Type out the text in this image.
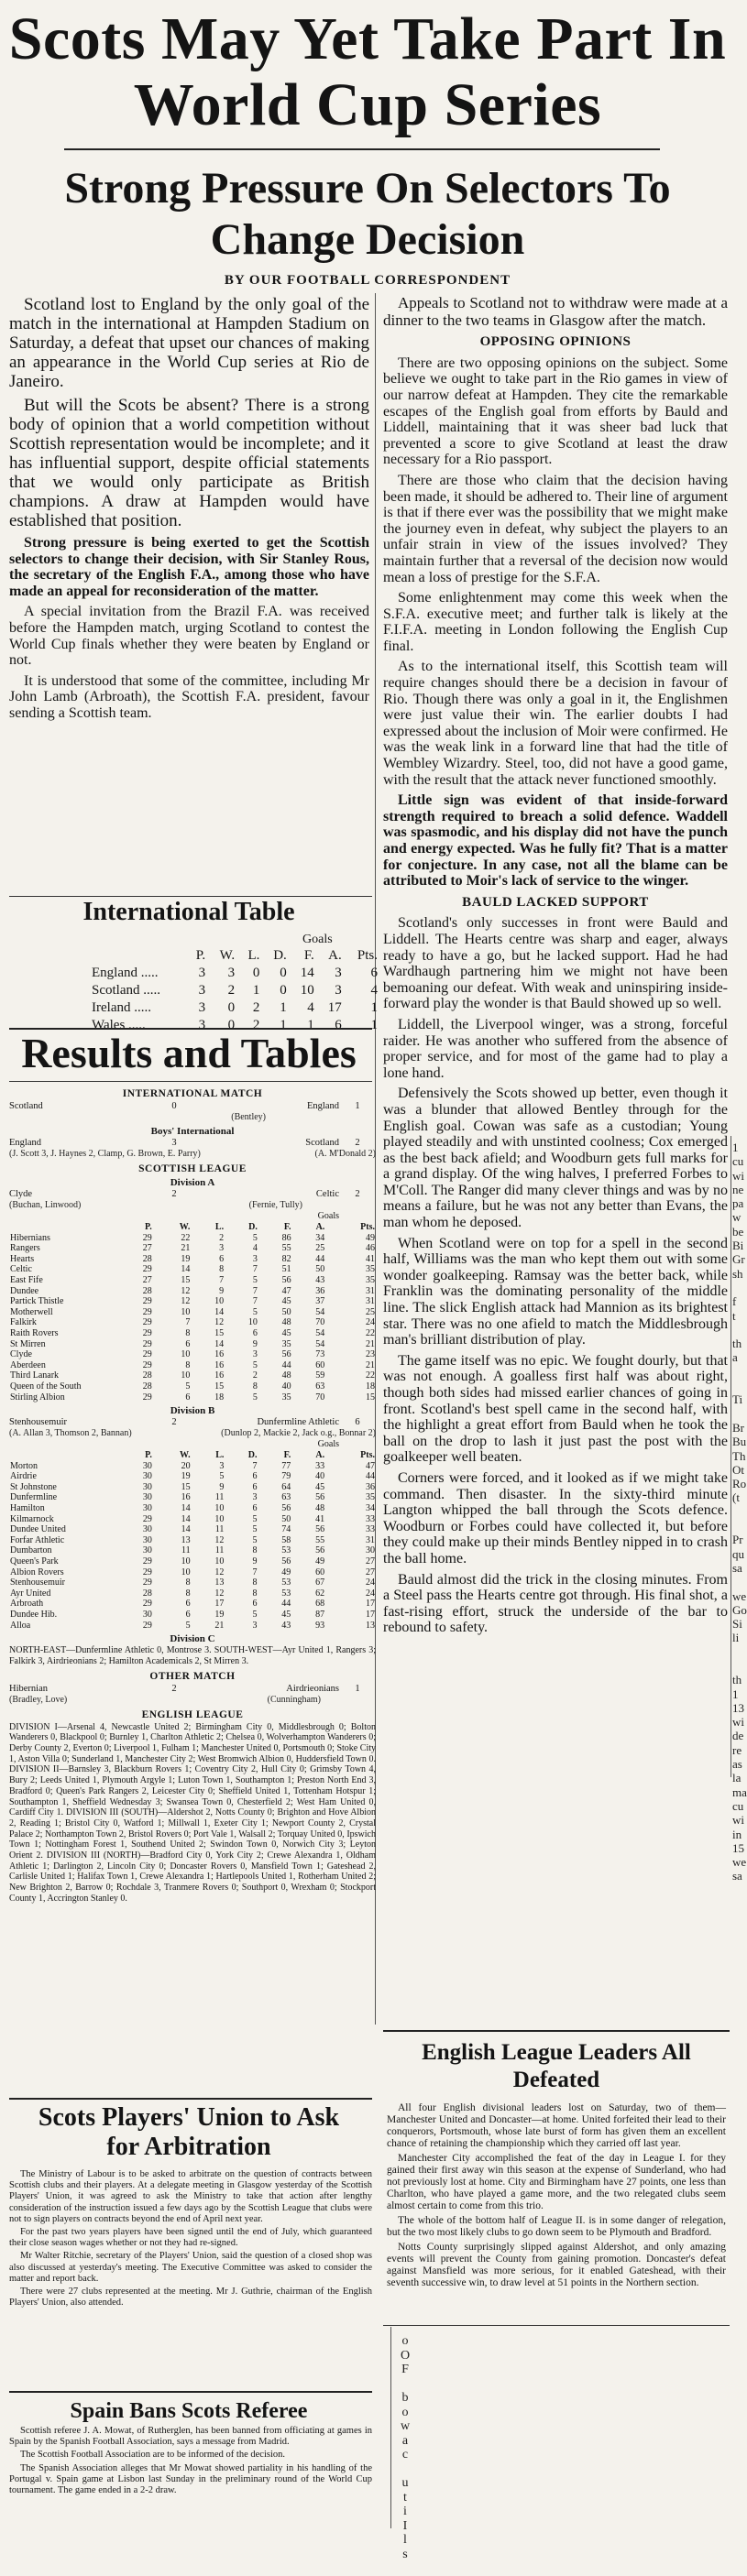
Scots May Yet Take Part In
World Cup Series
Strong Pressure On Selectors To
Change Decision
BY OUR FOOTBALL CORRESPONDENT

Scotland lost to England by the only goal of the match in the international at Hampden Stadium on Saturday, a defeat that upset our chances of making an appearance in the World Cup series at Rio de Janeiro.

But will the Scots be absent? There is a strong body of opinion that a world competition without Scottish representation would be incomplete; and it has influential support, despite official statements that we would only participate as British champions. A draw at Hampden would have established that position.

Strong pressure is being exerted to get the Scottish selectors to change their decision, with Sir Stanley Rous, the secretary of the English F.A., among those who have made an appeal for reconsideration of the matter.

A special invitation from the Brazil F.A. was received before the Hampden match, urging Scotland to contest the World Cup finals whether they were beaten by England or not.

It is understood that some of the committee, including Mr John Lamb (Arbroath), the Scottish F.A. president, favour sending a Scottish team.

Appeals to Scotland not to withdraw were made at a dinner to the two teams in Glasgow after the match.

OPPOSING OPINIONS

There are two opposing opinions on the subject. Some believe we ought to take part in the Rio games in view of our narrow defeat at Hampden. They cite the remarkable escapes of the English goal from efforts by Bauld and Liddell, maintaining that it was sheer bad luck that prevented a score to give Scotland at least the draw necessary for a Rio passport.

There are those who claim that the decision having been made, it should be adhered to. Their line of argument is that if there ever was the possibility that we might make the journey even in defeat, why subject the players to an unfair strain in view of the issues involved? They maintain further that a reversal of the decision now would mean a loss of prestige for the S.F.A.

Some enlightenment may come this week when the S.F.A. executive meet; and further talk is likely at the F.I.F.A. meeting in London following the English Cup final.

As to the international itself, this Scottish team will require changes should there be a decision in favour of Rio. Though there was only a goal in it, the Englishmen were just value their win. The earlier doubts I had expressed about the inclusion of Moir were confirmed. He was the weak link in a forward line that had the title of Wembley Wizardry. Steel, too, did not have a good game, with the result that the attack never functioned smoothly.

Little sign was evident of that inside-forward strength required to breach a solid defence. Waddell was spasmodic, and his display did not have the punch and energy expected. Was he fully fit? That is a matter for conjecture. In any case, not all the blame can be attributed to Moir's lack of service to the winger.

BAULD LACKED SUPPORT

Scotland's only successes in front were Bauld and Liddell. The Hearts centre was sharp and eager, always ready to have a go, but he lacked support. Had he had Wardhaugh partnering him we might not have been bemoaning our defeat. With weak and uninspiring inside-forward play the wonder is that Bauld showed up so well.

Liddell, the Liverpool winger, was a strong, forceful raider. He was another who suffered from the absence of proper service, and for most of the game had to play a lone hand.

Defensively the Scots showed up better, even though it was a blunder that allowed Bentley through for the English goal. Cowan was safe as a custodian; Young played steadily and with unstinted coolness; Cox emerged as the best back afield; and Woodburn gets full marks for a grand display. Of the wing halves, I preferred Forbes to M'Coll. The Ranger did many clever things and was by no means a failure, but he was not any better than Evans, the man whom he deposed.

When Scotland were on top for a spell in the second half, Williams was the man who kept them out with some wonder goalkeeping. Ramsay was the better back, while Franklin was the dominating personality of the middle line. The slick English attack had Mannion as its brightest star. There was no one afield to match the Middlesbrough man's brilliant distribution of play.

The game itself was no epic. We fought dourly, but that was not enough. A goalless first half was about right, though both sides had missed earlier chances of going in front. Scotland's best spell came in the second half, with the highlight a great effort from Bauld when he took the ball on the drop to lash it just past the post with the goalkeeper well beaten.

Corners were forced, and it looked as if we might take command. Then disaster. In the sixty-third minute Langton whipped the ball through the Scots defence. Woodburn or Forbes could have collected it, but before they could make up their minds Bentley nipped in to crash the ball home.

Bauld almost did the trick in the closing minutes. From a Steel pass the Hearts centre got through. His final shot, a fast-rising effort, struck the underside of the bar to rebound to safety.

International Table
Goals
	P.	W.	L.	D.	F.	A.	Pts.
England .....	3	3	0	0	14	3	6
Scotland .....	3	2	1	0	10	3	4
Ireland .....	3	0	2	1	4	17	1
Wales .....	3	0	2	1	1	6	1
Results and Tables
INTERNATIONAL MATCH
Scotland	0	England	1
(Bentley)
Boys' International
England	3	Scotland	2
(J. Scott 3, J. Haynes 2, Clamp, G. Brown, E. Parry)	(A. M'Donald 2)
SCOTTISH LEAGUE
Division A
Clyde	2	Celtic	2
(Buchan, Linwood)	(Fernie, Tully)
Goals
	P.	W.	L.	D.	F.	A.	Pts.
Hibernians	29	22	2	5	86	34	49
Rangers	27	21	3	4	55	25	46
Hearts	28	19	6	3	82	44	41
Celtic	29	14	8	7	51	50	35
East Fife	27	15	7	5	56	43	35
Dundee	28	12	9	7	47	36	31
Partick Thistle	29	12	10	7	45	37	31
Motherwell	29	10	14	5	50	54	25
Falkirk	29	7	12	10	48	70	24
Raith Rovers	29	8	15	6	45	54	22
St Mirren	29	6	14	9	35	54	21
Clyde	29	10	16	3	56	73	23
Aberdeen	29	8	16	5	44	60	21
Third Lanark	28	10	16	2	48	59	22
Queen of the South	28	5	15	8	40	63	18
Stirling Albion	29	6	18	5	35	70	15
Division B
Stenhousemuir	2	Dunfermline Athletic	6
(A. Allan 3, Thomson 2, Bannan)	(Dunlop 2, Mackie 2, Jack o.g., Bonnar 2)
Goals
	P.	W.	L.	D.	F.	A.	Pts.
Morton	30	20	3	7	77	33	47
Airdrie	30	19	5	6	79	40	44
St Johnstone	30	15	9	6	64	45	36
Dunfermline	30	16	11	3	63	56	35
Hamilton	30	14	10	6	56	48	34
Kilmarnock	29	14	10	5	50	41	33
Dundee United	30	14	11	5	74	56	33
Forfar Athletic	30	13	12	5	58	55	31
Dumbarton	30	11	11	8	53	56	30
Queen's Park	29	10	10	9	56	49	27
Albion Rovers	29	10	12	7	49	60	27
Stenhousemuir	29	8	13	8	53	67	24
Ayr United	28	8	12	8	53	62	24
Arbroath	29	6	17	6	44	68	17
Dundee Hib.	30	6	19	5	45	87	17
Alloa	29	5	21	3	43	93	13
Division C

NORTH-EAST—Dunfermline Athletic 0, Montrose 3. SOUTH-WEST—Ayr United 1, Rangers 3; Falkirk 3, Airdrieonians 2; Hamilton Academicals 2, St Mirren 3.

OTHER MATCH
Hibernian	2	Airdrieonians	1
(Bradley, Love)	(Cunningham)
ENGLISH LEAGUE

DIVISION I—Arsenal 4, Newcastle United 2; Birmingham City 0, Middlesbrough 0; Bolton Wanderers 0, Blackpool 0; Burnley 1, Charlton Athletic 2; Chelsea 0, Wolverhampton Wanderers 0; Derby County 2, Everton 0; Liverpool 1, Fulham 1; Manchester United 0, Portsmouth 0; Stoke City 1, Aston Villa 0; Sunderland 1, Manchester City 2; West Bromwich Albion 0, Huddersfield Town 0. DIVISION II—Barnsley 3, Blackburn Rovers 1; Coventry City 2, Hull City 0; Grimsby Town 4, Bury 2; Leeds United 1, Plymouth Argyle 1; Luton Town 1, Southampton 1; Preston North End 3, Bradford 0; Queen's Park Rangers 2, Leicester City 0; Sheffield United 1, Tottenham Hotspur 1; Southampton 1, Sheffield Wednesday 3; Swansea Town 0, Chesterfield 2; West Ham United 0, Cardiff City 1. DIVISION III (SOUTH)—Aldershot 2, Notts County 0; Brighton and Hove Albion 2, Reading 1; Bristol City 0, Watford 1; Millwall 1, Exeter City 1; Newport County 2, Crystal Palace 2; Northampton Town 2, Bristol Rovers 0; Port Vale 1, Walsall 2; Torquay United 0, Ipswich Town 1; Nottingham Forest 1, Southend United 2; Swindon Town 0, Norwich City 3; Leyton Orient 2. DIVISION III (NORTH)—Bradford City 0, York City 2; Crewe Alexandra 1, Oldham Athletic 1; Darlington 2, Lincoln City 0; Doncaster Rovers 0, Mansfield Town 1; Gateshead 2, Carlisle United 1; Halifax Town 1, Crewe Alexandra 1; Hartlepools United 1, Rotherham United 2; New Brighton 2, Barrow 0; Rochdale 3, Tranmere Rovers 0; Southport 0, Wrexham 0; Stockport County 1, Accrington Stanley 0.

Scots Players' Union to Ask
for Arbitration

The Ministry of Labour is to be asked to arbitrate on the question of contracts between Scottish clubs and their players. At a delegate meeting in Glasgow yesterday of the Scottish Players' Union, it was agreed to ask the Ministry to take that action after lengthy consideration of the instruction issued a few days ago by the Scottish League that clubs were not to sign players on contracts beyond the end of April next year.

For the past two years players have been signed until the end of July, which guaranteed their close season wages whether or not they had re-signed.

Mr Walter Ritchie, secretary of the Players' Union, said the question of a closed shop was also discussed at yesterday's meeting. The Executive Committee was asked to consider the matter and report back.

There were 27 clubs represented at the meeting. Mr J. Guthrie, chairman of the English Players' Union, also attended.

Spain Bans Scots Referee

Scottish referee J. A. Mowat, of Rutherglen, has been banned from officiating at games in Spain by the Spanish Football Association, says a message from Madrid.

The Scottish Football Association are to be informed of the decision.

The Spanish Association alleges that Mr Mowat showed partiality in his handling of the Portugal v. Spain game at Lisbon last Sunday in the preliminary round of the World Cup tournament. The game ended in a 2-2 draw.

English League Leaders All
Defeated

All four English divisional leaders lost on Saturday, two of them—Manchester United and Doncaster—at home. United forfeited their lead to their conquerors, Portsmouth, whose late burst of form has given them an excellent chance of retaining the championship which they carried off last year.

Manchester City accomplished the feat of the day in League I. for they gained their first away win this season at the expense of Sunderland, who had not previously lost at home. City and Birmingham have 27 points, one less than Charlton, who have played a game more, and the two relegated clubs seem almost certain to come from this trio.

The whole of the bottom half of League II. is in some danger of relegation, but the two most likely clubs to go down seem to be Plymouth and Bradford.

Notts County surprisingly slipped against Aldershot, and only amazing events will prevent the County from gaining promotion. Doncaster's defeat against Mansfield was more serious, for it enabled Gateshead, with their seventh successive win, to draw level at 51 points in the Northern section.

o
O
F

b
o
w
a
c

u
t
i
I
l
s

1
cu
wi
ne
pa
w
be
Bi
Gr
sh

f
t

th
a

Ti

Br
Bu
Th
Ot
Ro
(t

Pr
qu
sa

we
Go
Si
li

th
1
13
wi
de
re
as
la
ma
cu
wi
in
15
we
sa
